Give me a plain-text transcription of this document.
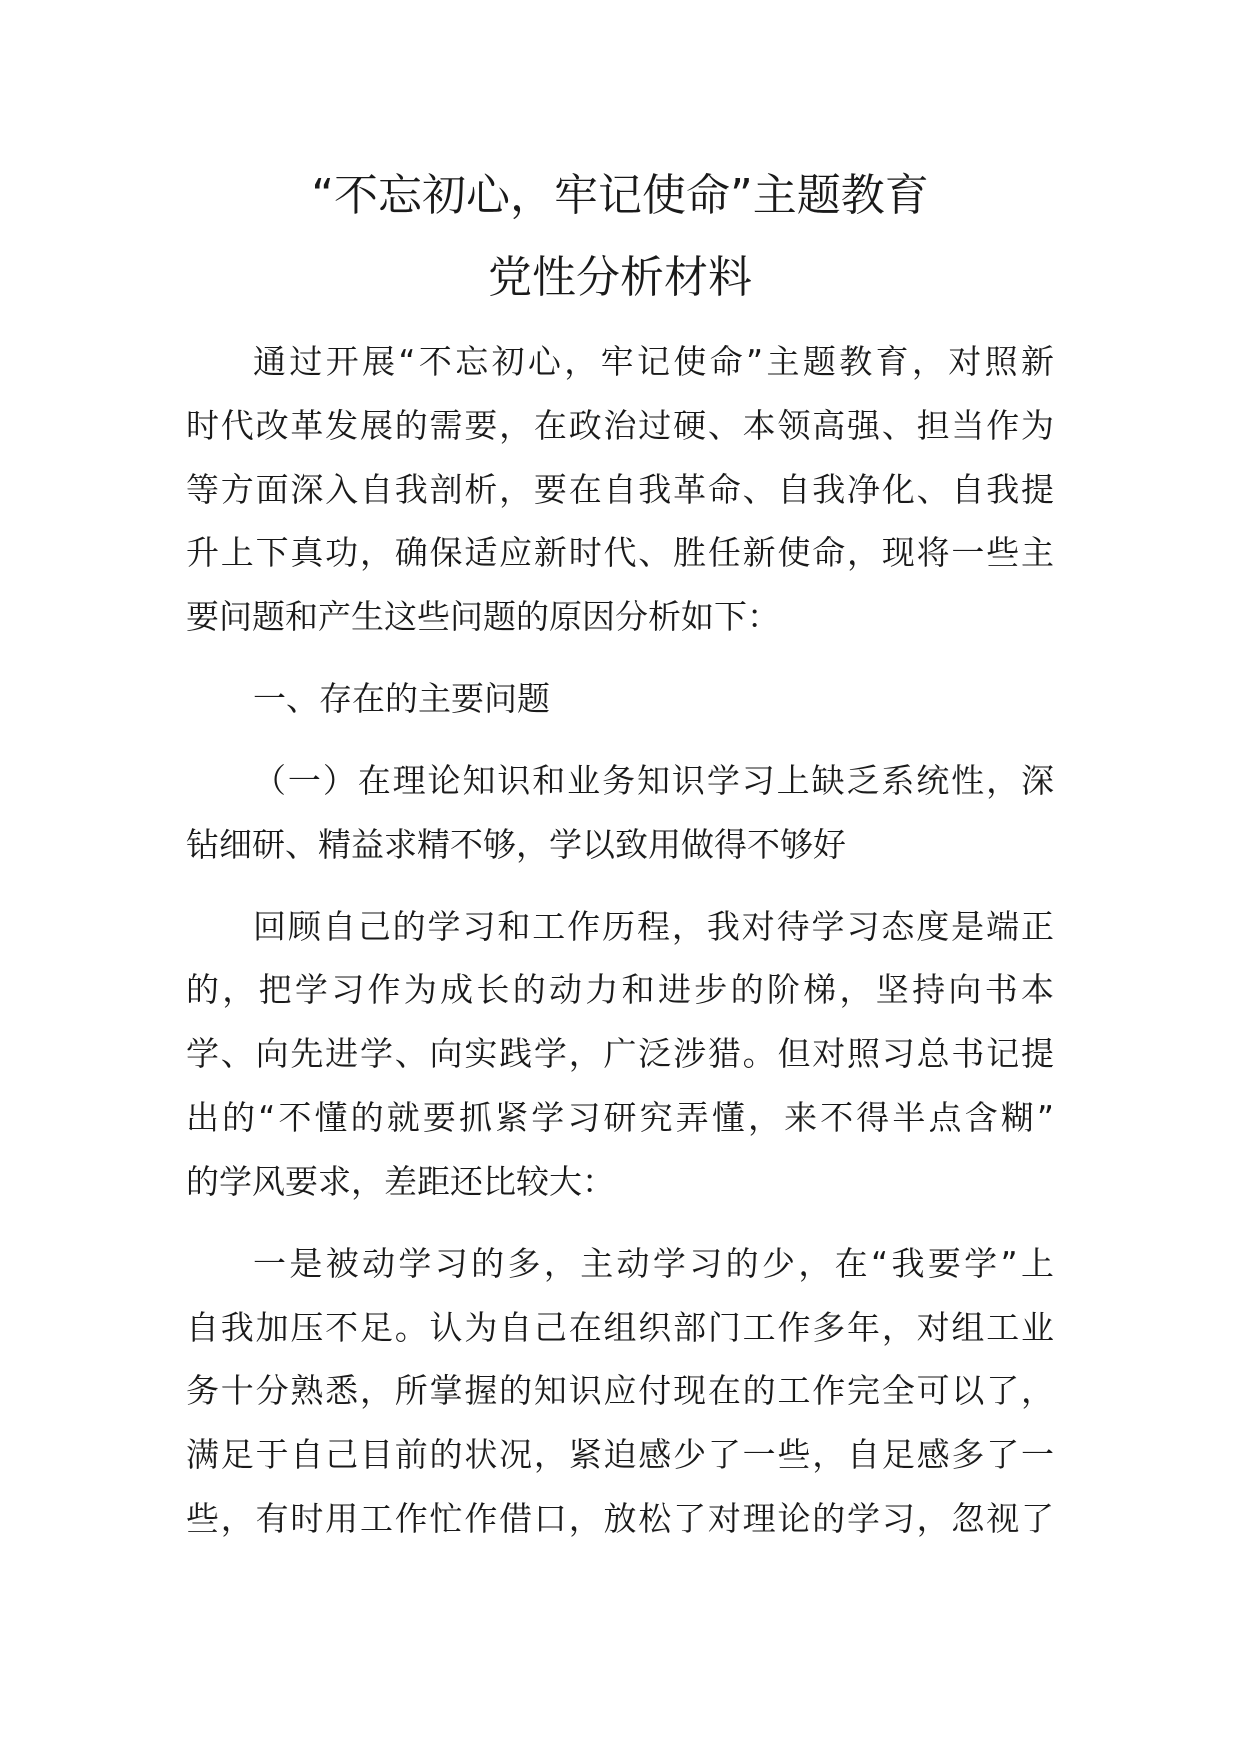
“不忘初心，牢记使命”主题教育
党性分析材料
通过开展“不忘初心，牢记使命”主题教育，对照新
时代改革发展的需要，在政治过硬、本领高强、担当作为
等方面深入自我剖析，要在自我革命、自我净化、自我提
升上下真功，确保适应新时代、胜任新使命，现将一些主
要问题和产生这些问题的原因分析如下：
一、存在的主要问题
（一）在理论知识和业务知识学习上缺乏系统性，深
钻细研、精益求精不够，学以致用做得不够好
回顾自己的学习和工作历程，我对待学习态度是端正
的，把学习作为成长的动力和进步的阶梯，坚持向书本
学、向先进学、向实践学，广泛涉猎。但对照习总书记提
出的“不懂的就要抓紧学习研究弄懂，来不得半点含糊”
的学风要求，差距还比较大：
一是被动学习的多，主动学习的少，在“我要学”上
自我加压不足。认为自己在组织部门工作多年，对组工业
务十分熟悉，所掌握的知识应付现在的工作完全可以了，
满足于自己目前的状况，紧迫感少了一些，自足感多了一
些，有时用工作忙作借口，放松了对理论的学习，忽视了
